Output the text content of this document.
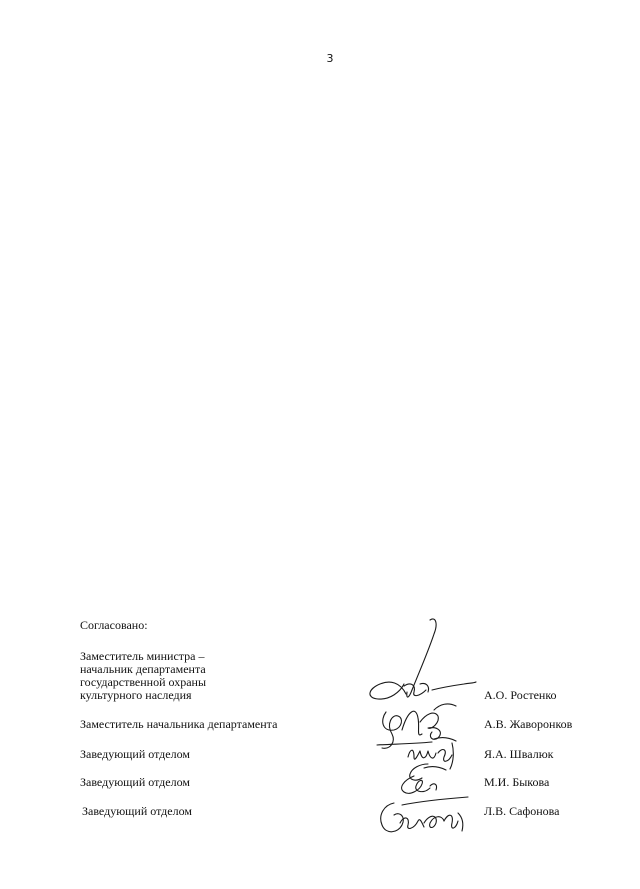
3
Согласовано:
Заместитель министра –
начальник департамента
государственной охраны
культурного наследия	А.О. Ростенко
Заместитель начальника департамента	А.В. Жаворонков
Заведующий отделом	Я.А. Швалюк
Заведующий отделом	М.И. Быкова
Заведующий отделом	Л.В. Сафонова
